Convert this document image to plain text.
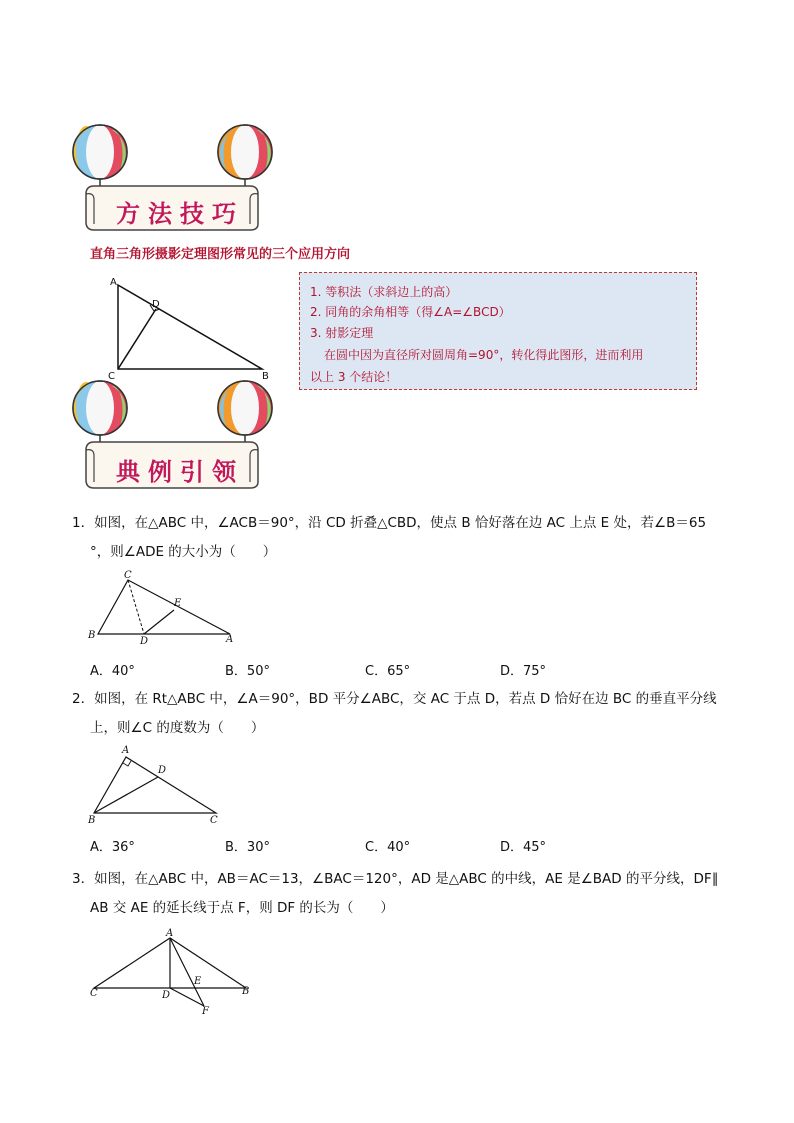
方法技巧
直角三角形摄影定理图形常见的三个应用方向
A
D
C	B
1. 等积法（求斜边上的高）
2. 同角的余角相等（得∠A=∠BCD）
3. 射影定理
在圆中因为直径所对圆周角=90°，转化得此图形，进而利用
以上 3 个结论！
典例引领
1．如图，在△ABC 中，∠ACB＝90°，沿 CD 折叠△CBD，使点 B 恰好落在边 AC 上点 E 处，若∠B＝65
°，则∠ADE 的大小为（　　）
C
E
B
D	A
A．40°	B．50°	C．65°	D．75°
2．如图，在 Rt△ABC 中，∠A＝90°，BD 平分∠ABC，交 AC 于点 D，若点 D 恰好在边 BC 的垂直平分线
上，则∠C 的度数为（　　）
A
D
B	C
A．36°	B．30°	C．40°	D．45°
3．如图，在△ABC 中，AB＝AC＝13，∠BAC＝120°，AD 是△ABC 的中线，AE 是∠BAD 的平分线，DF∥
AB 交 AE 的延长线于点 F，则 DF 的长为（　　）
A
C	D
E
B
F
